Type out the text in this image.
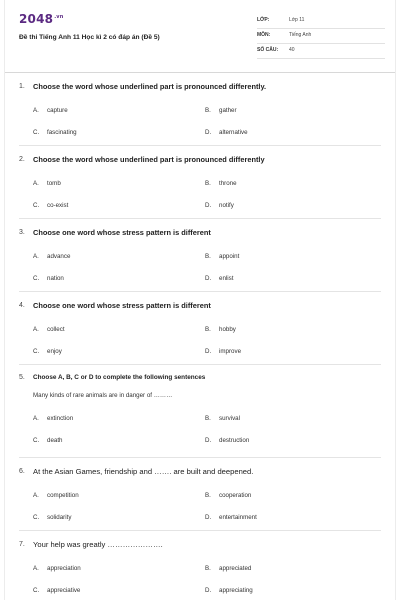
$2048^{.vn}$
Đề thi Tiếng Anh 11 Học kì 2 có đáp án (Đề 5)
LỚP:	Lớp 11
MÔN:	Tiếng Anh
SỐ CÂU: 40
1.	Choose the word whose underlined part is pronounced differently.
A.	capture	B.	gather
C.	fascinating	D.	alternative
2.	Choose the word whose underlined part is pronounced differently
A.	tomb	B.	throne
C.	co-exist	D.	notify
3.	Choose one word whose stress pattern is different
A.	advance	B.	appoint
C.	nation	D.	enlist
4.	Choose one word whose stress pattern is different
A.	collect	B.	hobby
C.	enjoy	D.	improve
5.	Choose A, B, C or D to complete the following sentences
Many kinds of rare animals are in danger of ………
A.	extinction	B.	survival
C.	death	D.	destruction
6.	At the Asian Games, friendship and ……. are built and deepened.
A.	competition	B.	cooperation
C.	solidarity	D.	entertainment
7.	Your help was greatly ………………….
A.	appreciation	B.	appreciated
C.	appreciative	D.	appreciating
